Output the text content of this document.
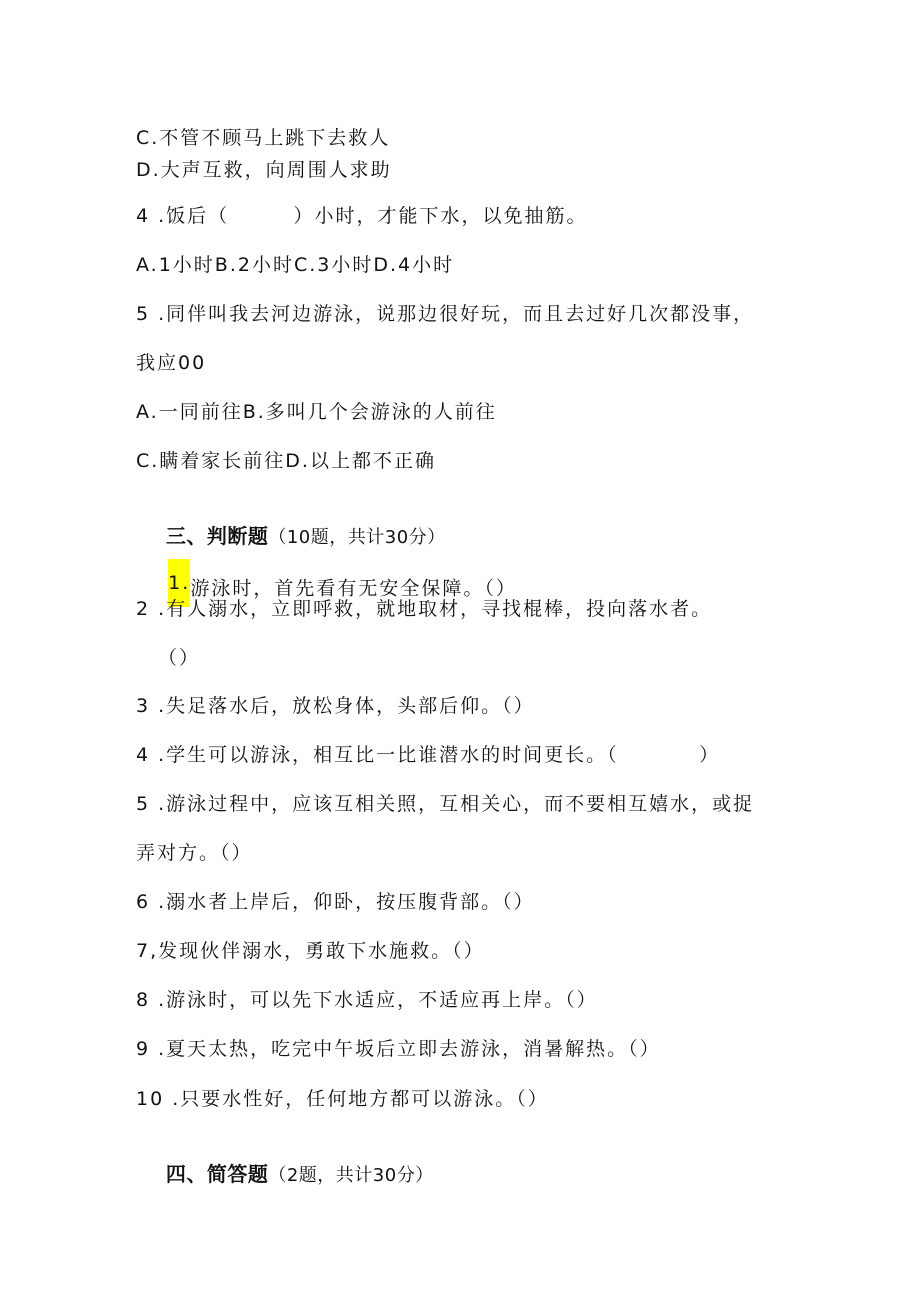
C.不管不顾马上跳下去救人
D.大声互救，向周围人求助
4 .饭后（        ）小时，才能下水，以免抽筋。
A.1小时B.2小时C.3小时D.4小时
5 .同伴叫我去河边游泳，说那边很好玩，而且去过好几次都没事，
我应00
A.一同前往B.多叫几个会游泳的人前往
C.瞒着家长前往D.以上都不正确

三、判断题（10题，共计30分）

1.游泳时，首先看有无安全保障。（）

2 .有人溺水，立即呼救，就地取材，寻找棍棒，投向落水者。
（）
3 .失足落水后，放松身体，头部后仰。（）
4 .学生可以游泳，相互比一比谁潜水的时间更长。（          ）
5 .游泳过程中，应该互相关照，互相关心，而不要相互嬉水，或捉
弄对方。（）
6 .溺水者上岸后，仰卧，按压腹背部。（）
7,发现伙伴溺水，勇敢下水施救。（）
8 .游泳时，可以先下水适应，不适应再上岸。（）
9 .夏天太热，吃完中午坂后立即去游泳，消暑解热。（）
10 .只要水性好，任何地方都可以游泳。（）

四、简答题（2题，共计30分）
